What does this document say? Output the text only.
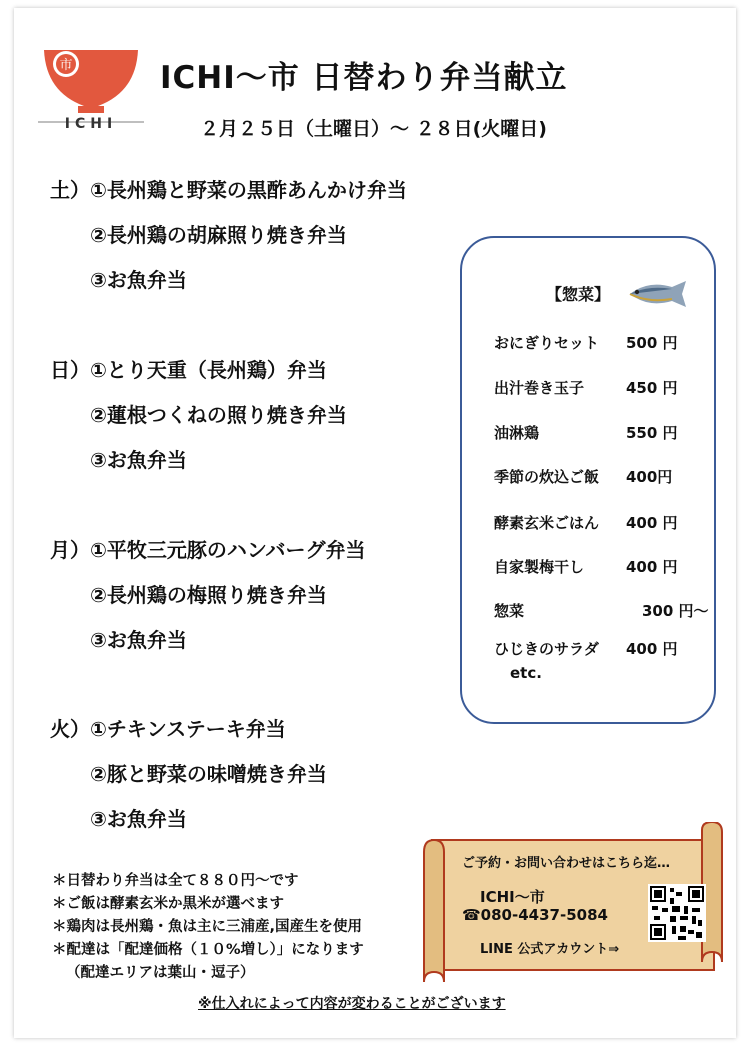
市
ICHI
ICHI～市 日替わり弁当献立
２月２５日（土曜日）～ ２８日(火曜日)
土）①長州鶏と野菜の黒酢あんかけ弁当
②長州鶏の胡麻照り焼き弁当
③お魚弁当
日）①とり天重（長州鶏）弁当
②蓮根つくねの照り焼き弁当
③お魚弁当
月）①平牧三元豚のハンバーグ弁当
②長州鶏の梅照り焼き弁当
③お魚弁当
火）①チキンステーキ弁当
②豚と野菜の味噌焼き弁当
③お魚弁当
【惣菜】
おにぎりセット 500 円
出汁巻き玉子	450 円
油淋鶏	550 円
季節の炊込ご飯 400円
酵素玄米ごはん 400 円
自家製梅干し	400 円
惣菜	300 円～
ひじきのサラダ 400 円
etc.
＊日替わり弁当は全て８８０円～です
＊ご飯は酵素玄米か黒米が選べます
＊鶏肉は長州鶏・魚は主に三浦産,国産生を使用
＊配達は「配達価格（１０%増し）」になります
（配達エリアは葉山・逗子）
ご予約・お問い合わせはこちら迄…
ICHI～市
☎080-4437-5084
LINE 公式アカウント⇒
※仕入れによって内容が変わることがございます
